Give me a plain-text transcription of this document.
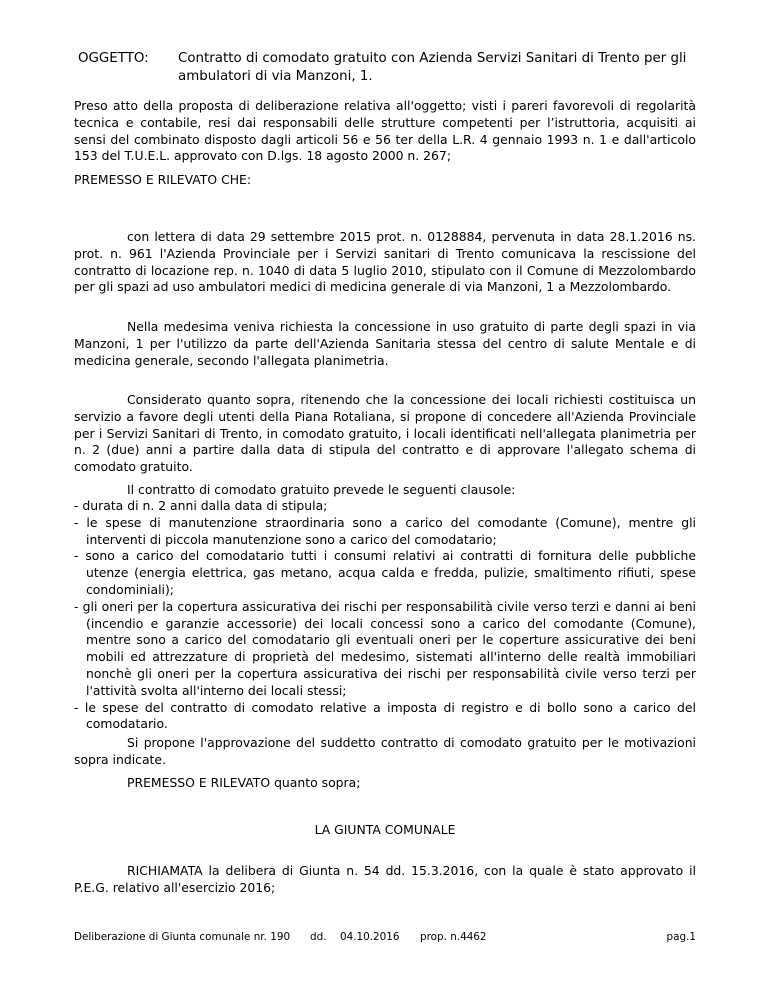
OGGETTO: Contratto di comodato gratuito con Azienda Servizi Sanitari di Trento per gli ambulatori di via Manzoni, 1.
Preso atto della proposta di deliberazione relativa all'oggetto; visti i pareri favorevoli di regolarità tecnica e contabile, resi dai responsabili delle strutture competenti per l’istruttoria, acquisiti ai sensi del combinato disposto dagli articoli 56 e 56 ter della L.R. 4 gennaio 1993 n. 1 e dall'articolo 153 del T.U.E.L. approvato con D.lgs. 18 agosto 2000 n. 267;
PREMESSO E RILEVATO CHE:
con lettera di data 29 settembre 2015 prot. n. 0128884, pervenuta in data 28.1.2016 ns. prot. n. 961 l'Azienda Provinciale per i Servizi sanitari di Trento comunicava la rescissione del contratto di locazione rep. n. 1040 di data 5 luglio 2010, stipulato con il Comune di Mezzolombardo per gli spazi ad uso ambulatori medici di medicina generale di via Manzoni, 1 a Mezzolombardo.
Nella medesima veniva richiesta la concessione in uso gratuito di parte degli spazi in via Manzoni, 1 per l'utilizzo da parte dell'Azienda Sanitaria stessa del centro di salute Mentale e di medicina generale, secondo l'allegata planimetria.
Considerato quanto sopra, ritenendo che la concessione dei locali richiesti costituisca un servizio a favore degli utenti della Piana Rotaliana, si propone di concedere all'Azienda Provinciale per i Servizi Sanitari di Trento, in comodato gratuito, i locali identificati nell'allegata planimetria per n. 2 (due) anni a partire dalla data di stipula del contratto e di approvare l'allegato schema di comodato gratuito.
Il contratto di comodato gratuito prevede le seguenti clausole:
- durata di n. 2 anni dalla data di stipula;
- le spese di manutenzione straordinaria sono a carico del comodante (Comune), mentre gli interventi di piccola manutenzione sono a carico del comodatario;
- sono a carico del comodatario tutti i consumi relativi ai contratti di fornitura delle pubbliche utenze (energia elettrica, gas metano, acqua calda e fredda, pulizie, smaltimento rifiuti, spese condominiali);
- gli oneri per la copertura assicurativa dei rischi per responsabilità civile verso terzi e danni ai beni (incendio e garanzie accessorie) dei locali concessi sono a carico del comodante (Comune), mentre sono a carico del comodatario gli eventuali oneri per le coperture assicurative dei beni mobili ed attrezzature di proprietà del medesimo, sistemati all'interno delle realtà immobiliari nonchè gli oneri per la copertura assicurativa dei rischi per responsabilità civile verso terzi per l'attività svolta all'interno dei locali stessi;
- le spese del contratto di comodato relative a imposta di registro e di bollo sono a carico del comodatario.
Si propone l'approvazione del suddetto contratto di comodato gratuito per le motivazioni sopra indicate.
PREMESSO E RILEVATO quanto sopra;
LA GIUNTA COMUNALE
RICHIAMATA la delibera di Giunta n. 54 dd. 15.3.2016, con la quale è stato approvato il P.E.G. relativo all'esercizio 2016;
Deliberazione di Giunta comunale nr. 190 dd. 04.10.2016 prop. n.4462	pag.1
